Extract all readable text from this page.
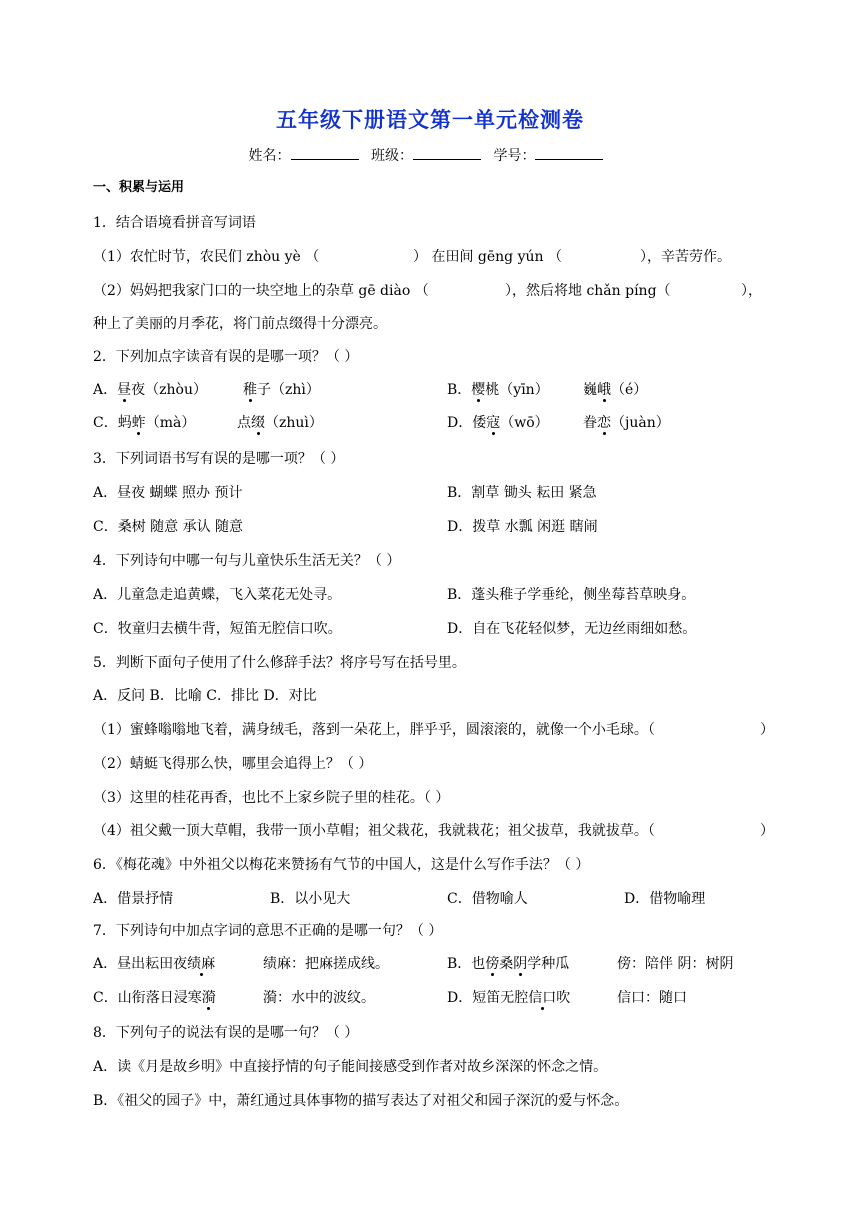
五年级下册语文第一单元检测卷
姓名：	班级：	学号：
一、积累与运用
1．结合语境看拼音写词语
（1）农忙时节，农民们 zhòu yè （	） 在田间 gēng yún （	），辛苦劳作。
（2）妈妈把我家门口的一块空地上的杂草 gē diào （	），然后将地 chǎn píng（	），
种上了美丽的月季花，将门前点缀得十分漂亮。
2．下列加点字读音有误的是哪一项？（ ）
A．昼夜（zhòu）	稚子（zhì）	B．樱桃（yīn） 巍峨（é）
C．蚂蚱（mà）	点缀（zhuì）	D．倭寇（wō） 眷恋（juàn）
3．下列词语书写有误的是哪一项？（ ）
A．昼夜 蝴蝶 照办 预计	B．割草 锄头 耘田 紧急
C．桑树 随意 承认 随意	D．拨草 水瓢 闲逛 瞎闹
4．下列诗句中哪一句与儿童快乐生活无关？（ ）
A．儿童急走追黄蝶，飞入菜花无处寻。	B．蓬头稚子学垂纶，侧坐莓苔草映身。
C．牧童归去横牛背，短笛无腔信口吹。	D．自在飞花轻似梦，无边丝雨细如愁。
5．判断下面句子使用了什么修辞手法？将序号写在括号里。
A．反问 B．比喻 C．排比 D．对比
（1）蜜蜂嗡嗡地飞着，满身绒毛，落到一朵花上，胖乎乎，圆滚滚的，就像一个小毛球。（	）
（2）蜻蜓飞得那么快，哪里会追得上？（ ）
（3）这里的桂花再香，也比不上家乡院子里的桂花。（ ）
（4）祖父戴一顶大草帽，我带一顶小草帽；祖父栽花，我就栽花；祖父拔草，我就拔草。（	）
6．《梅花魂》中外祖父以梅花来赞扬有气节的中国人，这是什么写作手法？（ ）
A．借景抒情	B．以小见大	C．借物喻人	D．借物喻理
7．下列诗句中加点字词的意思不正确的是哪一句？（ ）
A．昼出耘田夜绩麻	绩麻：把麻搓成线。	B．也傍桑阴学种瓜	傍：陪伴 阴：树阴
C．山衔落日浸寒漪	漪：水中的波纹。	D．短笛无腔信口吹	信口：随口
8．下列句子的说法有误的是哪一句？（ ）
A．读《月是故乡明》中直接抒情的句子能间接感受到作者对故乡深深的怀念之情。
B．《祖父的园子》中，萧红通过具体事物的描写表达了对祖父和园子深沉的爱与怀念。
